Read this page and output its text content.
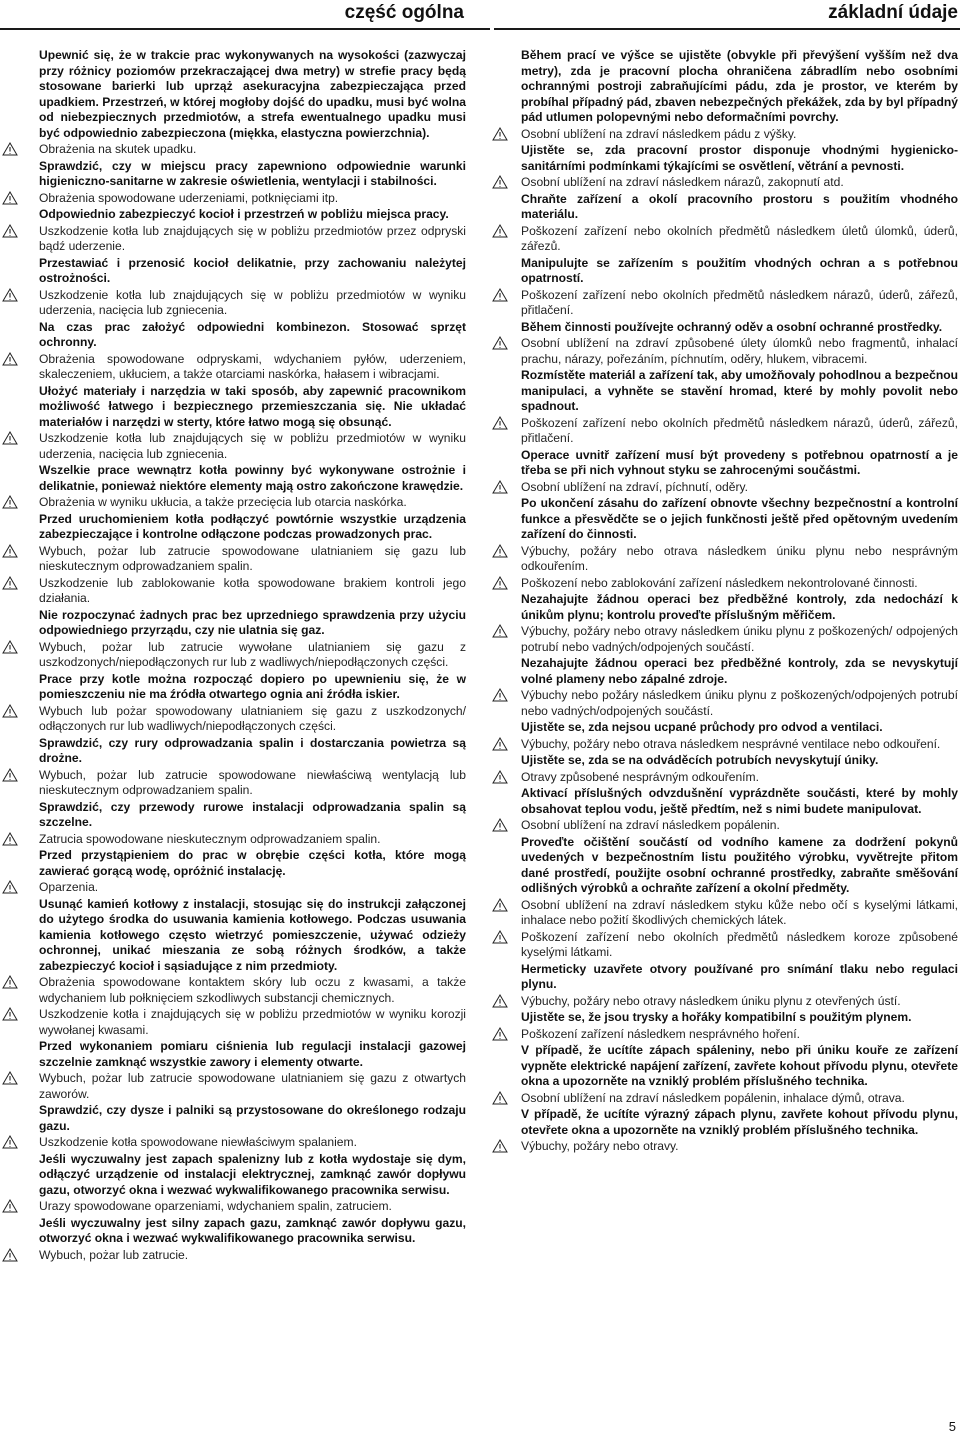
część ogólna	základní údaje

Upewnić się, że w trakcie prac wykonywanych na wysokości (zazwyczaj przy różnicy poziomów przekraczającej dwa metry) w strefie pracy będą stosowane barierki lub uprząż asekuracyjna zabezpieczająca przed upadkiem. Przestrzeń, w której mogłoby dojść do upadku, musi być wolna od niebezpiecznych przedmiotów, a strefa ewentualnego upadku musi być odpowiednio zabezpieczona (miękka, elastyczna powierzchnia).

Obrażenia na skutek upadku.

Sprawdzić, czy w miejscu pracy zapewniono odpowiednie warunki higieniczno-sanitarne w zakresie oświetlenia, wentylacji i stabilności.

Obrażenia spowodowane uderzeniami, potknięciami itp.

Odpowiednio zabezpieczyć kocioł i przestrzeń w pobliżu miejsca pracy.

Uszkodzenie kotła lub znajdujących się w pobliżu przedmiotów przez odpryski bądź uderzenie.

Przestawiać i przenosić kocioł delikatnie, przy zachowaniu należytej ostrożności.

Uszkodzenie kotła lub znajdujących się w pobliżu przedmiotów w wyniku uderzenia, nacięcia lub zgniecenia.

Na czas prac założyć odpowiedni kombinezon. Stosować sprzęt ochronny.

Obrażenia spowodowane odpryskami, wdychaniem pyłów, uderzeniem, skaleczeniem, ukłuciem, a także otarciami naskórka, hałasem i wibracjami.

Ułożyć materiały i narzędzia w taki sposób, aby zapewnić pracownikom możliwość łatwego i bezpiecznego przemieszczania się. Nie układać materiałów i narzędzi w sterty, które łatwo mogą się obsunąć.

Uszkodzenie kotła lub znajdujących się w pobliżu przedmiotów w wyniku uderzenia, nacięcia lub zgniecenia.

Wszelkie prace wewnątrz kotła powinny być wykonywane ostrożnie i delikatnie, ponieważ niektóre elementy mają ostro zakończone krawędzie.

Obrażenia w wyniku ukłucia, a także przecięcia lub otarcia naskórka.

Przed uruchomieniem kotła podłączyć powtórnie wszystkie urządzenia zabezpieczające i kontrolne odłączone podczas prowadzonych prac.

Wybuch, pożar lub zatrucie spowodowane ulatnianiem się gazu lub nieskutecznym odprowadzaniem spalin.

Uszkodzenie lub zablokowanie kotła spowodowane brakiem kontroli jego działania.

Nie rozpoczynać żadnych prac bez uprzedniego sprawdzenia przy użyciu odpowiedniego przyrządu, czy nie ulatnia się gaz.

Wybuch, pożar lub zatrucie wywołane ulatnianiem się gazu z uszkodzonych/niepodłączonych rur lub z wadliwych/niepodłączonych części.

Prace przy kotle można rozpocząć dopiero po upewnieniu się, że w pomieszczeniu nie ma źródła otwartego ognia ani źródła iskier.

Wybuch lub pożar spowodowany ulatnianiem się gazu z uszkodzonych/ odłączonych rur lub wadliwych/niepodłączonych części.

Sprawdzić, czy rury odprowadzania spalin i dostarczania powietrza są drożne.

Wybuch, pożar lub zatrucie spowodowane niewłaściwą wentylacją lub nieskutecznym odprowadzaniem spalin.

Sprawdzić, czy przewody rurowe instalacji odprowadzania spalin są szczelne.

Zatrucia spowodowane nieskutecznym odprowadzaniem spalin.

Przed przystąpieniem do prac w obrębie części kotła, które mogą zawierać gorącą wodę, opróżnić instalację.

Oparzenia.

Usunąć kamień kotłowy z instalacji, stosując się do instrukcji załączonej do użytego środka do usuwania kamienia kotłowego. Podczas usuwania kamienia kotłowego często wietrzyć pomieszczenie, używać odzieży ochronnej, unikać mieszania ze sobą różnych środków, a także zabezpieczyć kocioł i sąsiadujące z nim przedmioty.

Obrażenia spowodowane kontaktem skóry lub oczu z kwasami, a także wdychaniem lub połknięciem szkodliwych substancji chemicznych.

Uszkodzenie kotła i znajdujących się w pobliżu przedmiotów w wyniku korozji wywołanej kwasami.

Przed wykonaniem pomiaru ciśnienia lub regulacji instalacji gazowej szczelnie zamknąć wszystkie zawory i elementy otwarte.

Wybuch, pożar lub zatrucie spowodowane ulatnianiem się gazu z otwartych zaworów.

Sprawdzić, czy dysze i palniki są przystosowane do określonego rodzaju gazu.

Uszkodzenie kotła spowodowane niewłaściwym spalaniem.

Jeśli wyczuwalny jest zapach spalenizny lub z kotła wydostaje się dym, odłączyć urządzenie od instalacji elektrycznej, zamknąć zawór dopływu gazu, otworzyć okna i wezwać wykwalifikowanego pracownika serwisu.

Urazy spowodowane oparzeniami, wdychaniem spalin, zatruciem.

Jeśli wyczuwalny jest silny zapach gazu, zamknąć zawór dopływu gazu, otworzyć okna i wezwać wykwalifikowanego pracownika serwisu.

Wybuch, pożar lub zatrucie.

Během prací ve výšce se ujistěte (obvykle při převýšení vyšším než dva metry), zda je pracovní plocha ohraničena zábradlím nebo osobními ochrannými postroji zabraňujícími pádu, zda je prostor, ve kterém by probíhal případný pád, zbaven nebezpečných překážek, zda by byl případný pád utlumen polopevnými nebo deformačními povrchy.

Osobní ublížení na zdraví následkem pádu z výšky.

Ujistěte se, zda pracovní prostor disponuje vhodnými hygienicko-sanitárními podmínkami týkajícími se osvětlení, větrání a pevnosti.

Osobní ublížení na zdraví následkem nárazů, zakopnutí atd.

Chraňte zařízení a okolí pracovního prostoru s použitím vhodného materiálu.

Poškození zařízení nebo okolních předmětů následkem úletů úlomků, úderů, zářezů.

Manipulujte se zařízením s použitím vhodných ochran a s potřebnou opatrností.

Poškození zařízení nebo okolních předmětů následkem nárazů, úderů, zářezů, přitlačení.

Během činnosti používejte ochranný oděv a osobní ochranné prostředky.

Osobní ublížení na zdraví způsobené úlety úlomků nebo fragmentů, inhalací prachu, nárazy, pořezáním, píchnutím, oděry, hlukem, vibracemi.

Rozmístěte materiál a zařízení tak, aby umožňovaly pohodlnou a bezpečnou manipulaci, a vyhněte se stavění hromad, které by mohly povolit nebo spadnout.

Poškození zařízení nebo okolních předmětů následkem nárazů, úderů, zářezů, přitlačení.

Operace uvnitř zařízení musí být provedeny s potřebnou opatrností a je třeba se při nich vyhnout styku se zahrocenými součástmi.

Osobní ublížení na zdraví, píchnutí, oděry.

Po ukončení zásahu do zařízení obnovte všechny bezpečnostní a kontrolní funkce a přesvědčte se o jejich funkčnosti ještě před opětovným uvedením zařízení do činnosti.

Výbuchy, požáry nebo otrava následkem úniku plynu nebo nesprávným odkouřením.

Poškození nebo zablokování zařízení následkem nekontrolované činnosti.

Nezahajujte žádnou operaci bez předběžné kontroly, zda nedochází k únikům plynu; kontrolu proveďte příslušným měřičem.

Výbuchy, požáry nebo otravy následkem úniku plynu z poškozených/ odpojených potrubí nebo vadných/odpojených součástí.

Nezahajujte žádnou operaci bez předběžné kontroly, zda se nevyskytují volné plameny nebo zápalné zdroje.

Výbuchy nebo požáry následkem úniku plynu z poškozených/odpojených potrubí nebo vadných/odpojených součástí.

Ujistěte se, zda nejsou ucpané průchody pro odvod a ventilaci.

Výbuchy, požáry nebo otrava následkem nesprávné ventilace nebo odkouření.

Ujistěte se, zda se na odváděcích potrubích nevyskytují úniky.

Otravy způsobené nesprávným odkouřením.

Aktivací příslušných odvzdušnění vyprázdněte součásti, které by mohly obsahovat teplou vodu, ještě předtím, než s nimi budete manipulovat.

Osobní ublížení na zdraví následkem popálenin.

Proveďte očištění součástí od vodního kamene za dodržení pokynů uvedených v bezpečnostním listu použitého výrobku, vyvětrejte přitom dané prostředí, použijte osobní ochranné prostředky, zabraňte směšování odlišných výrobků a ochraňte zařízení a okolní předměty.

Osobní ublížení na zdraví následkem styku kůže nebo očí s kyselými látkami, inhalace nebo požití škodlivých chemických látek.

Poškození zařízení nebo okolních předmětů následkem koroze způsobené kyselými látkami.

Hermeticky uzavřete otvory používané pro snímání tlaku nebo regulaci plynu.

Výbuchy, požáry nebo otravy následkem úniku plynu z otevřených ústí.

Ujistěte se, že jsou trysky a hořáky kompatibilní s použitým plynem.

Poškození zařízení následkem nesprávného hoření.

V případě, že ucítíte zápach spáleniny, nebo při úniku kouře ze zařízení vypněte elektrické napájení zařízení, zavřete kohout přívodu plynu, otevřete okna a upozorněte na vzniklý problém příslušného technika.

Osobní ublížení na zdraví následkem popálenin, inhalace dýmů, otrava.

V případě, že ucítíte výrazný zápach plynu, zavřete kohout přívodu plynu, otevřete okna a upozorněte na vzniklý problém příslušného technika.

Výbuchy, požáry nebo otravy.

5
